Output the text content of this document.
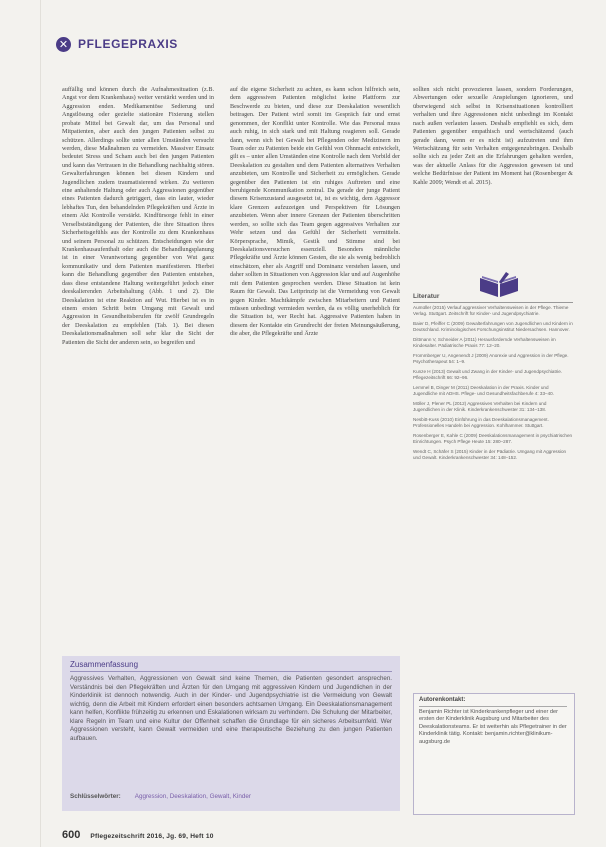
✕ PFLEGEPRAXIS

auffällig und können durch die Aufnahmesituation (z.B. Angst vor dem Krankenhaus) weiter verstärkt werden und in Aggression enden. Medikamentöse Sedierung und Angstlösung oder gezielte stationäre Fixierung stellen probate Mittel bei Gewalt dar, um das Personal und Mitpatienten, aber auch den jungen Patienten selbst zu schützen. Allerdings sollte unter allen Umständen versucht werden, diese Maßnahmen zu vermeiden. Massiver Einsatz bedeutet Stress und Scham auch bei den jungen Patienten und kann das Vertrauen in die Behandlung nachhaltig stören. Gewalterfahrungen können bei diesen Kindern und Jugendlichen zudem traumatisierend wirken. Zu weiteren eine anhaltende Haltung oder auch Aggressionen gegenüber eines Patienten dadurch getriggert, dass ein lauter, wieder lebhaftes Tun, den behandelnden Pflegekräften und Ärzte in einem Akt Kontrolle verstärkt. Kindfürsorge fehlt in einer Verselbstständigung der Patienten, die ihre Situation ihres Sicherheitsgefühls aus der Kontrolle zu dem Krankenhaus und seinem Personal zu schützen. Entscheidungen wie der Krankenhausaufenthalt oder auch die Behandlungsplanung ist in einer Verantwortung gegenüber von Wut ganz kommunikativ und dem Patienten manifestieren. Hierbei kann die Behandlung gegenüber den Patienten entstehen, dass diese entstandene Haltung weitergeführt jedoch einer deeskalierenden Arbeitshaltung (Abb. 1 und 2). Die Deeskalation ist eine Reaktion auf Wut. Hierbei ist es in einem ersten Schritt beim Umgang mit Gewalt und Aggression in Gesundheitsberufen für zwölf Grundregeln der Deeskalation zu empfehlen (Tab. 1). Bei diesen Deeskalationsmaßnahmen soll sehr klar die Sicht der Patienten die Sicht der anderen sein, so begreifen und

auf die eigene Sicherheit zu achten, es kann schon hilfreich sein, dem aggressiven Patienten möglichst keine Plattform zur Beschwerde zu bieten, und diese zur Deeskalation wesentlich beitragen. Der Patient wird somit im Gespräch fair und ernst genommen, der Konflikt unter Kontrolle. Wie das Personal muss auch ruhig, in sich stark und mit Haltung reagieren soll. Gerade dann, wenn sich bei Gewalt bei Pflegenden oder Medizinern im Team oder zu Patienten beide ein Gefühl von Ohnmacht entwickelt, gilt es – unter allen Umständen eine Kontrolle nach dem Vorbild der Deeskalation zu gestalten und dem Patienten alternatives Verhalten anzubieten, um Kontrolle und Sicherheit zu ermöglichen. Gerade gegenüber den Patienten ist ein ruhiges Auftreten und eine beruhigende Kommunikation zentral. Da gerade der junge Patient diesem Krisenzustand ausgesetzt ist, ist es wichtig, dem Aggressor klare Grenzen aufzuzeigen und Perspektiven für Lösungen anzubieten. Wenn aber innere Grenzen der Patienten überschritten werden, so sollte sich das Team gegen aggressives Verhalten zur Wehr setzen und das Gefühl der Sicherheit vermitteln. Körpersprache, Mimik, Gestik und Stimme sind bei Deeskalationsversuchen essenziell. Besonders männliche Pflegekräfte und Ärzte können Gesten, die sie als wenig bedrohlich einschätzen, eher als Angriff und Dominanz verstehen lassen, und daher sollten in Situationen von Aggression klar und auf Augenhöhe mit dem Patienten gesprochen werden. Diese Situation ist kein Raum für Gewalt. Das Leitprinzip ist die Vermeidung von Gewalt gegen Kinder. Machtkämpfe zwischen Mitarbeitern und Patient müssen unbedingt vermieden werden, da es völlig unerheblich für die Situation ist, wer Recht hat. Aggressive Patienten haben in diesem der Kontakte ein Grundrecht der freien Meinungsäußerung, die aber, die Pflegekräfte und Ärzte

sollten sich nicht provozieren lassen, sondern Forderungen, Abwertungen oder sexuelle Anspielungen ignorieren, und überwiegend sich selbst in Krisensituationen kontrolliert verhalten und ihre Aggressionen nicht unbedingt im Kontakt nach außen verlauten lassen. Deshalb empfiehlt es sich, dem Patienten gegenüber empathisch und wertschätzend (auch gerade dann, wenn er es nicht ist) aufzutreten und ihm Wertschätzung für sein Verhalten entgegenzubringen. Deshalb sollte sich zu jeder Zeit an die Erfahrungen gehalten werden, was der aktuelle Anlass für die Aggression gewesen ist und welche Bedürfnisse der Patient im Moment hat (Rosenberger & Kahle 2009; Wendt et al. 2015).

Literatur
Aumüller (2015) Verlauf aggressiver Verhaltensweisen in der Pflege. Thieme Verlag. Stuttgart. Zeitschrift für Kinder- und Jugendpsychiatrie.
Baier D, Pfeiffer C (2009) Gewalterfahrungen von Jugendlichen und Kindern in Deutschland. Kriminologisches Forschungsinstitut Niedersachsen. Hannover.
Dittmann V, Schneider A (2011) Herausfordernde Verhaltensweisen im Kindesalter. Pädiatrische Praxis 77: 12–20.
Frommberger U, Angenendt J (2009) Anorexie und Aggression in der Pflege. Psychotherapeut 54: 1–9.
Kunze H (2013) Gewalt und Zwang in der Kinder- und Jugendpsychiatrie. Pflegezeitschrift 66: 92–96.
Lemmel B, Dinger M (2011) Deeskalation in der Praxis. Kinder und Jugendliche mit ADHS. Pflege- und Gesundheitsfachberufe 4: 33–40.
Möller J, Plener PL (2012) Aggressives Verhalten bei Kindern und Jugendlichen in der Klinik. Kinderkrankenschwester 31: 134–138.
Nesbitt-Kuss (2010) Einführung in das Deeskalationsmanagement. Professionelles Handeln bei Aggression. Kohlhammer. Stuttgart.
Rosenberger E, Kahle C (2009) Deeskalationsmanagement in psychiatrischen Einrichtungen. Psych Pflege Heute 15: 280–287.
Wendt C, Schäfer S (2015) Kinder in der Pädiatrie. Umgang mit Aggression und Gewalt. Kinderkrankenschwester 34: 148–152.
Autorenkontakt:

Benjamin Richter ist Kinderkrankenpfleger und einer der ersten der Kinderklinik Augsburg und Mitarbeiter des Deeskalationsteams. Er ist weiterhin als Pflegetrainer in der Kinderklinik tätig. Kontakt: benjamin.richter@klinikum-augsburg.de

Zusammenfassung

Aggressives Verhalten, Aggressionen von Gewalt sind keine Themen, die Patienten gesondert ansprechen. Verständnis bei den Pflegekräften und Ärzten für den Umgang mit aggressiven Kindern und Jugendlichen in der Kinderklinik ist dennoch notwendig. Auch in der Kinder- und Jugendpsychiatrie ist die Vermeidung von Gewalt wichtig, denn die Arbeit mit Kindern erfordert einen besonders achtsamen Umgang. Ein Deeskalationsmanagement kann helfen, Konflikte frühzeitig zu erkennen und Eskalationen wirksam zu verhindern. Die Schulung der Mitarbeiter, klare Regeln im Team und eine Kultur der Offenheit schaffen die Grundlage für ein sicheres Arbeitsumfeld. Wer Aggressionen versteht, kann Gewalt vermeiden und eine therapeutische Beziehung zu den jungen Patienten aufbauen.

Schlüsselwörter: Aggression, Deeskalation, Gewalt, Kinder
600 Pflegezeitschrift 2016, Jg. 69, Heft 10
